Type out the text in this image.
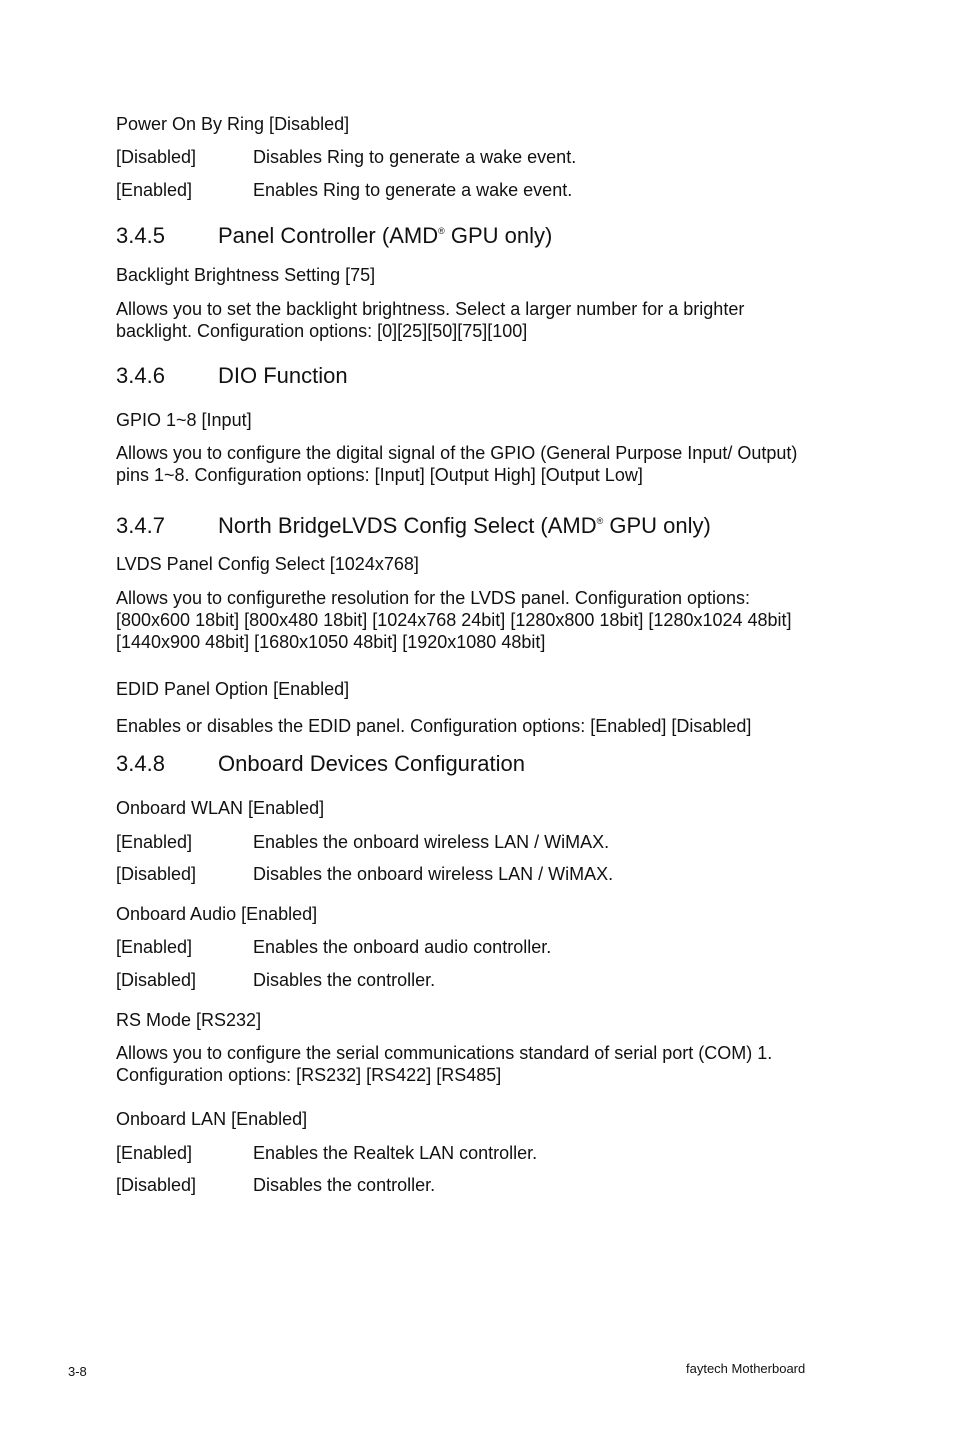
Power On By Ring [Disabled]
[Disabled]	Disables Ring to generate a wake event.
[Enabled]	Enables Ring to generate a wake event.
3.4.5 Panel Controller (AMD® GPU only)
Backlight Brightness Setting [75]
Allows you to set the backlight brightness. Select a larger number for a brighter backlight. Configuration options: [0][25][50][75][100]
3.4.6 DIO Function
GPIO 1~8 [Input]
Allows you to configure the digital signal of the GPIO (General Purpose Input/ Output) pins 1~8. Configuration options: [Input] [Output High] [Output Low]
3.4.7 North BridgeLVDS Config Select (AMD® GPU only)
LVDS Panel Config Select [1024x768]
Allows you to configurethe resolution for the LVDS panel. Configuration options: [800x600 18bit] [800x480 18bit] [1024x768 24bit] [1280x800 18bit] [1280x1024 48bit] [1440x900 48bit] [1680x1050 48bit] [1920x1080 48bit]
EDID Panel Option [Enabled]
Enables or disables the EDID panel. Configuration options: [Enabled] [Disabled]
3.4.8 Onboard Devices Configuration
Onboard WLAN [Enabled]
[Enabled]	Enables the onboard wireless LAN / WiMAX.
[Disabled]	Disables the onboard wireless LAN / WiMAX.
Onboard Audio [Enabled]
[Enabled]	Enables the onboard audio controller.
[Disabled]	Disables the controller.
RS Mode [RS232]
Allows you to configure the serial communications standard of serial port (COM) 1. Configuration options: [RS232] [RS422] [RS485]
Onboard LAN [Enabled]
[Enabled]	Enables the Realtek LAN controller.
[Disabled]	Disables the controller.
3-8	faytech Motherboard
